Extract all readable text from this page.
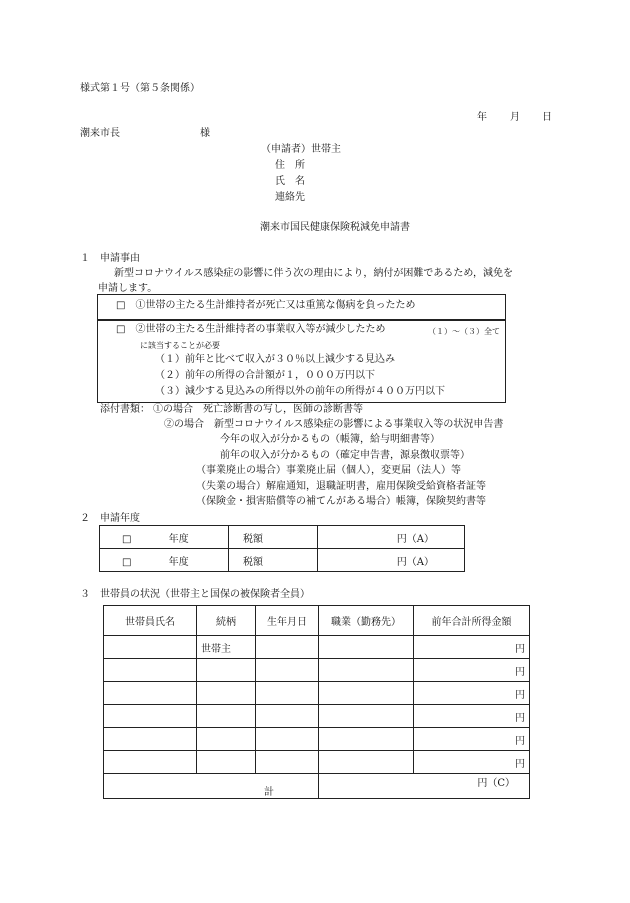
様式第１号（第５条関係）
年 月 日
潮来市長	様
（申請者）世帯主
住　所
氏　名
連絡先
潮来市国民健康保険税減免申請書
１　申請事由
新型コロナウイルス感染症の影響に伴う次の理由により，納付が困難であるため，減免を
申請します。
□　①世帯の主たる生計維持者が死亡又は重篤な傷病を負ったため
□　②世帯の主たる生計維持者の事業収入等が減少したため	（１）～（３）全て
に該当することが必要
（１）前年と比べて収入が３０％以上減少する見込み
（２）前年の所得の合計額が１，０００万円以下
（３）減少する見込みの所得以外の前年の所得が４００万円以下
添付書類： ①の場合　死亡診断書の写し，医師の診断書等
②の場合　新型コロナウイルス感染症の影響による事業収入等の状況申告書
今年の収入が分かるもの（帳簿，給与明細書等）
前年の収入が分かるもの（確定申告書，源泉徴収票等）
（事業廃止の場合）事業廃止届（個人），変更届（法人）等
（失業の場合）解雇通知，退職証明書，雇用保険受給資格者証等
（保険金・損害賠償等の補てんがある場合）帳簿，保険契約書等
２　申請年度
□ 年度	税額	円（A）
□ 年度	税額	円（A）
３　世帯員の状況（世帯主と国保の被保険者全員）
世帯員氏名	続柄	生年月日	職業（勤務先）	前年合計所得金額
	世帯主			円
				円
				円
				円
				円
				円
計			円（C）	
